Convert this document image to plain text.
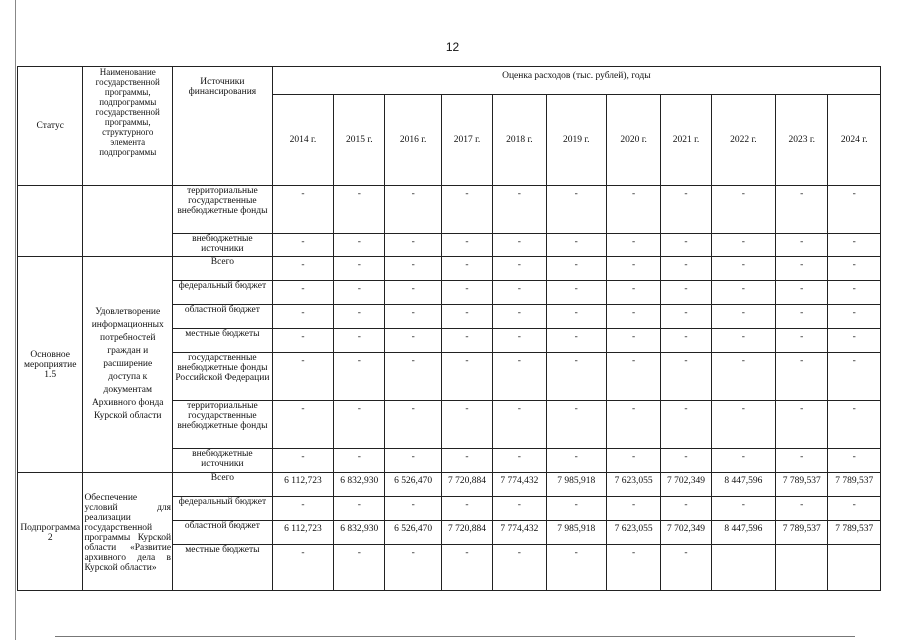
12
Статус	Наименование государственной программы, подпрограммы государственной программы, структурного элемента подпрограммы	Источники финансирования	Оценка расходов (тыс. рублей), годы										
			2014 г.	2015 г.	2016 г.	2017 г.	2018 г.	2019 г.	2020 г.	2021 г.	2022 г.	2023 г.	2024 г.
		территориальные государственные внебюджетные фонды	-	-	-	-	-	-	-	-	-	-	-
		внебюджетные источники	-	-	-	-	-	-	-	-	-	-	-
Основное мероприятие 1.5	Удовлетворение информационных потребностей граждан и расширение доступа к документам Архивного фонда Курской области	Всего	-	-	-	-	-	-	-	-	-	-	-
		федеральный бюджет	-	-	-	-	-	-	-	-	-	-	-
		областной бюджет	-	-	-	-	-	-	-	-	-	-	-
		местные бюджеты	-	-	-	-	-	-	-	-	-	-	-
		государственные внебюджетные фонды Российской Федерации	-	-	-	-	-	-	-	-	-	-	-
		территориальные государственные внебюджетные фонды	-	-	-	-	-	-	-	-	-	-	-
		внебюджетные источники	-	-	-	-	-	-	-	-	-	-	-
Подпрограмма 2	Обеспечение условий для реализации государственной программы Курской области «Развитие архивного дела в Курской области»	Всего	6 112,723	6 832,930	6 526,470	7 720,884	7 774,432	7 985,918	7 623,055	7 702,349	8 447,596	7 789,537	7 789,537
		федеральный бюджет	-	-	-	-	-	-	-	-	-	-	-
		областной бюджет	6 112,723	6 832,930	6 526,470	7 720,884	7 774,432	7 985,918	7 623,055	7 702,349	8 447,596	7 789,537	7 789,537
		местные бюджеты	-	-	-	-	-	-	-	-			
